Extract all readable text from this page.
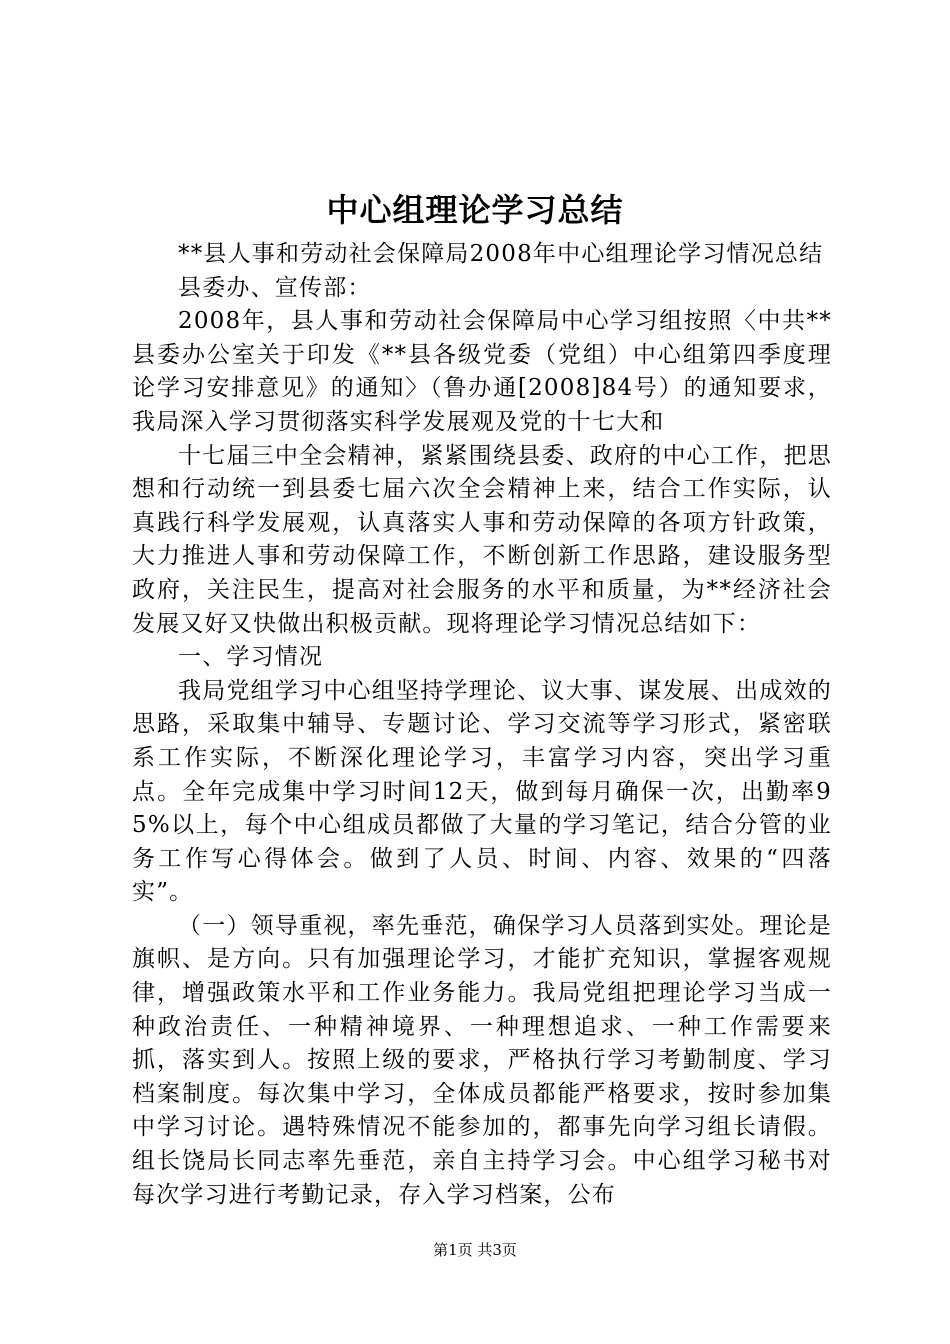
中心组理论学习总结

**县人事和劳动社会保障局2008年中心组理论学习情况总结

县委办、宣传部：

2008年，县人事和劳动社会保障局中心学习组按照〈中共**县委办公室关于印发《**县各级党委（党组）中心组第四季度理论学习安排意见》的通知〉（鲁办通[2008]84号）的通知要求，我局深入学习贯彻落实科学发展观及党的十七大和

十七届三中全会精神，紧紧围绕县委、政府的中心工作，把思想和行动统一到县委七届六次全会精神上来，结合工作实际，认真践行科学发展观，认真落实人事和劳动保障的各项方针政策，大力推进人事和劳动保障工作，不断创新工作思路，建设服务型政府，关注民生，提高对社会服务的水平和质量，为**经济社会发展又好又快做出积极贡献。现将理论学习情况总结如下：

一、学习情况

我局党组学习中心组坚持学理论、议大事、谋发展、出成效的思路，采取集中辅导、专题讨论、学习交流等学习形式，紧密联系工作实际，不断深化理论学习，丰富学习内容，突出学习重点。全年完成集中学习时间12天，做到每月确保一次，出勤率95%以上，每个中心组成员都做了大量的学习笔记，结合分管的业务工作写心得体会。做到了人员、时间、内容、效果的“四落实”。

（一）领导重视，率先垂范，确保学习人员落到实处。理论是旗帜、是方向。只有加强理论学习，才能扩充知识，掌握客观规律，增强政策水平和工作业务能力。我局党组把理论学习当成一种政治责任、一种精神境界、一种理想追求、一种工作需要来抓，落实到人。按照上级的要求，严格执行学习考勤制度、学习档案制度。每次集中学习，全体成员都能严格要求，按时参加集中学习讨论。遇特殊情况不能参加的，都事先向学习组长请假。组长饶局长同志率先垂范，亲自主持学习会。中心组学习秘书对每次学习进行考勤记录，存入学习档案，公布

第1页 共3页
